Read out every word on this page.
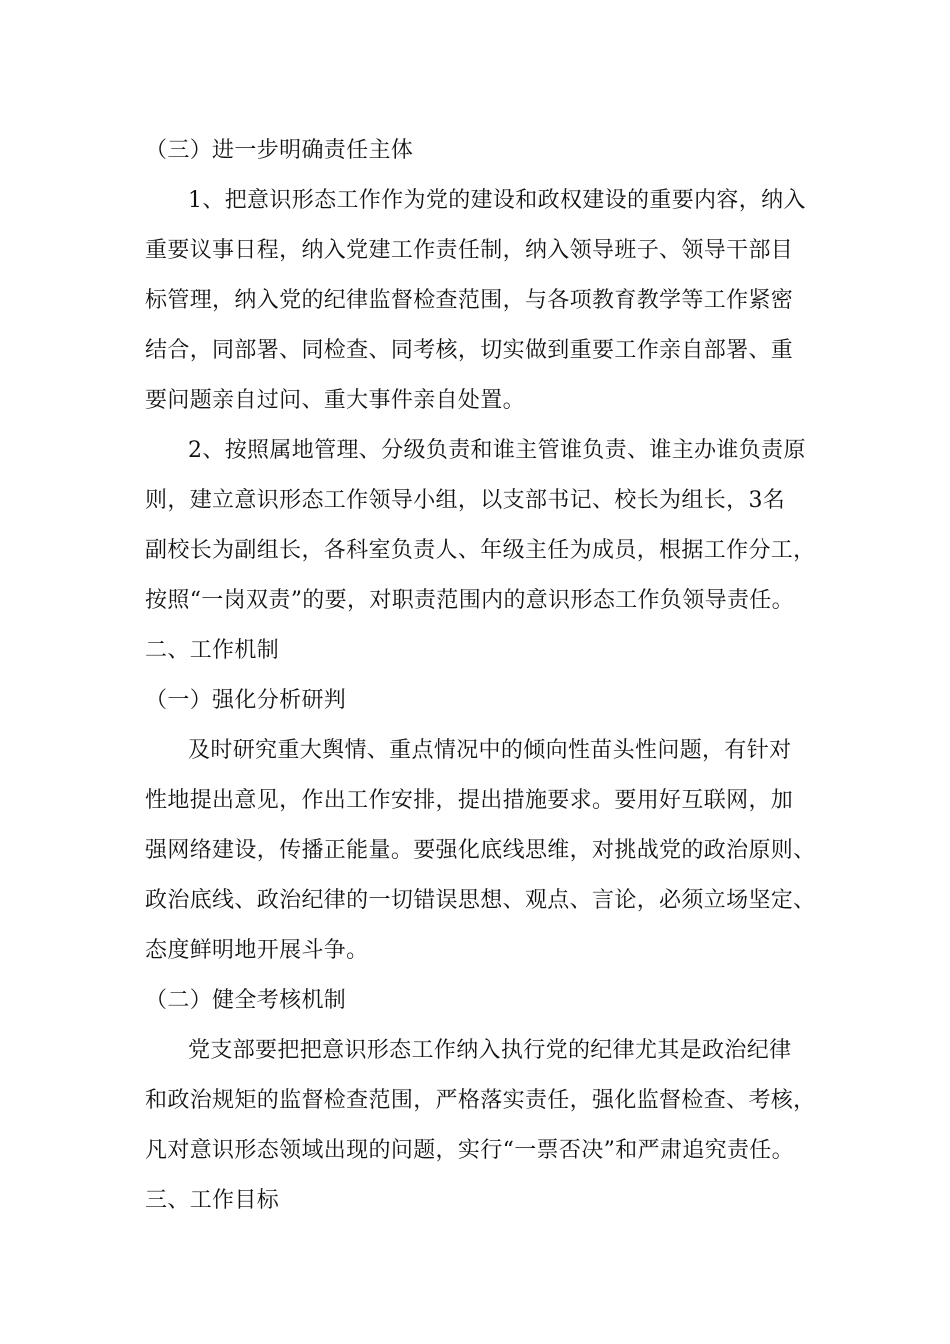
（三）进一步明确责任主体
1、把意识形态工作作为党的建设和政权建设的重要内容，纳入
重要议事日程，纳入党建工作责任制，纳入领导班子、领导干部目
标管理，纳入党的纪律监督检查范围，与各项教育教学等工作紧密
结合，同部署、同检查、同考核，切实做到重要工作亲自部署、重
要问题亲自过问、重大事件亲自处置。
2、按照属地管理、分级负责和谁主管谁负责、谁主办谁负责原
则，建立意识形态工作领导小组，以支部书记、校长为组长，3名
副校长为副组长，各科室负责人、年级主任为成员，根据工作分工，
按照“一岗双责”的要，对职责范围内的意识形态工作负领导责任。
二、工作机制
（一）强化分析研判
及时研究重大舆情、重点情况中的倾向性苗头性问题，有针对
性地提出意见，作出工作安排，提出措施要求。要用好互联网，加
强网络建设，传播正能量。要强化底线思维，对挑战党的政治原则、
政治底线、政治纪律的一切错误思想、观点、言论，必须立场坚定、
态度鲜明地开展斗争。
（二）健全考核机制
党支部要把把意识形态工作纳入执行党的纪律尤其是政治纪律
和政治规矩的监督检查范围，严格落实责任，强化监督检查、考核，
凡对意识形态领域出现的问题，实行“一票否决”和严肃追究责任。
三、工作目标
